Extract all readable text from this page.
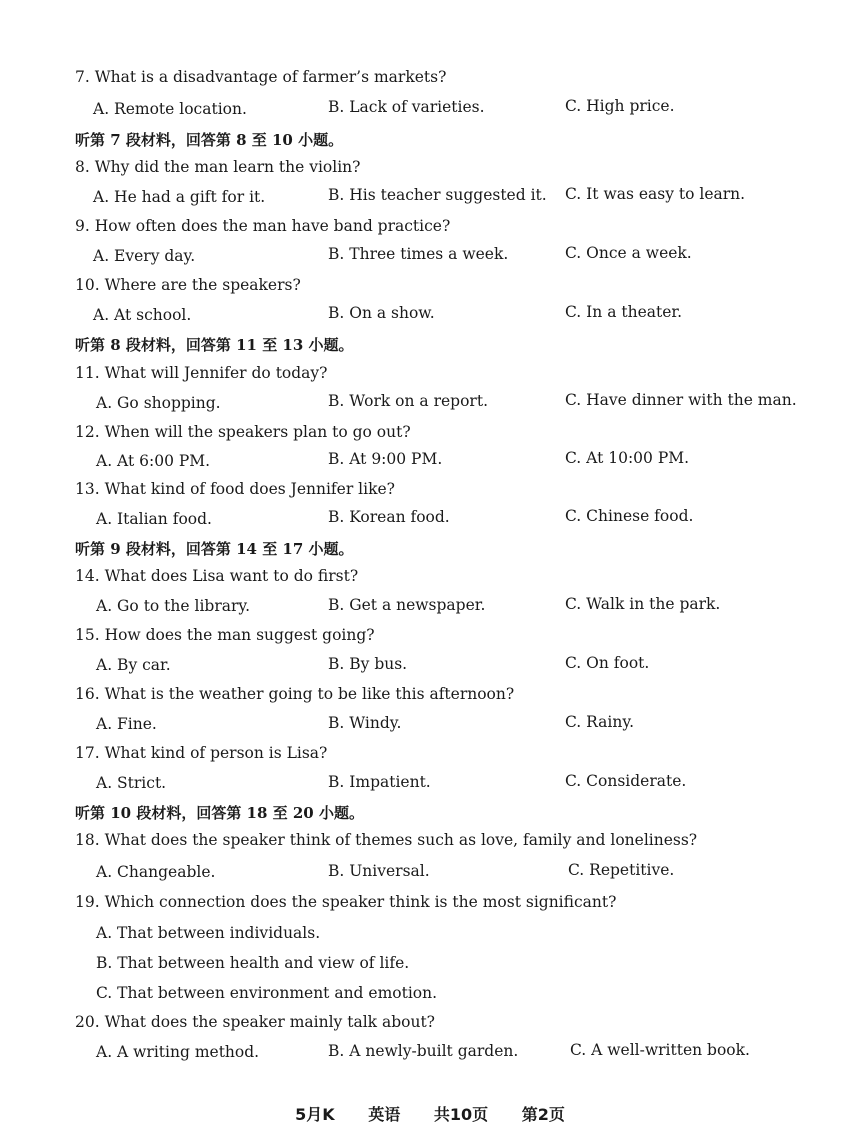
7. What is a disadvantage of farmer’s markets?
A. Remote location.	B. Lack of varieties.	C. High price.
听第 7 段材料，回答第 8 至 10 小题。
8. Why did the man learn the violin?
A. He had a gift for it.	B. His teacher suggested it. C. It was easy to learn.
9. How often does the man have band practice?
A. Every day.	B. Three times a week.	C. Once a week.
10. Where are the speakers?
A. At school.	B. On a show.	C. In a theater.
听第 8 段材料，回答第 11 至 13 小题。
11. What will Jennifer do today?
A. Go shopping.	B. Work on a report.	C. Have dinner with the man.
12. When will the speakers plan to go out?
A. At 6:00 PM.	B. At 9:00 PM.	C. At 10:00 PM.
13. What kind of food does Jennifer like?
A. Italian food.	B. Korean food.	C. Chinese food.
听第 9 段材料，回答第 14 至 17 小题。
14. What does Lisa want to do first?
A. Go to the library.	B. Get a newspaper.	C. Walk in the park.
15. How does the man suggest going?
A. By car.	B. By bus.	C. On foot.
16. What is the weather going to be like this afternoon?
A. Fine.	B. Windy.	C. Rainy.
17. What kind of person is Lisa?
A. Strict.	B. Impatient.	C. Considerate.
听第 10 段材料，回答第 18 至 20 小题。
18. What does the speaker think of themes such as love, family and loneliness?
A. Changeable.	B. Universal.	C. Repetitive.
19. Which connection does the speaker think is the most significant?
A. That between individuals.
B. That between health and view of life.
C. That between environment and emotion.
20. What does the speaker mainly talk about?
A. A writing method.	B. A newly-built garden.	C. A well-written book.
5月K 英语 共10页 第2页
